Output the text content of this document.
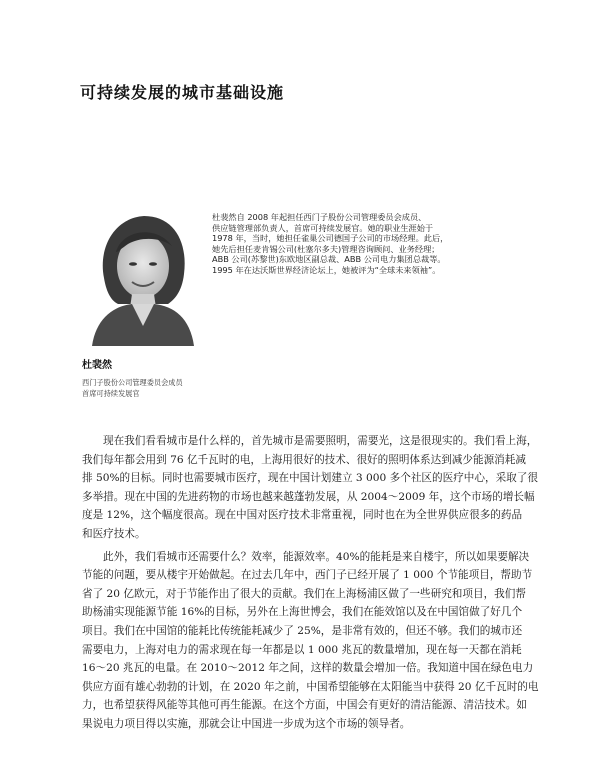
可持续发展的城市基础设施
杜裴然自 2008 年起担任西门子股份公司管理委员会成员、
供应链管理部负责人，首席可持续发展官。她的职业生涯始于
1978 年，当时，她担任雀巢公司德国子公司的市场经理。此后，
她先后担任麦肯锡公司(杜塞尔多夫)管理咨询顾问、业务经理；
ABB 公司(苏黎世)东欧地区副总裁、ABB 公司电力集团总裁等。
1995 年在达沃斯世界经济论坛上，她被评为“全球未来领袖”。
杜裴然
西门子股份公司管理委员会成员
首席可持续发展官
现在我们看看城市是什么样的，首先城市是需要照明，需要光，这是很现实的。我们看上海，
我们每年都会用到 76 亿千瓦时的电，上海用很好的技术、很好的照明体系达到减少能源消耗减
排 50%的目标。同时也需要城市医疗，现在中国计划建立 3 000 多个社区的医疗中心，采取了很
多举措。现在中国的先进药物的市场也越来越蓬勃发展，从 2004～2009 年，这个市场的增长幅
度是 12%，这个幅度很高。现在中国对医疗技术非常重视，同时也在为全世界供应很多的药品
和医疗技术。
此外，我们看城市还需要什么？效率，能源效率。40%的能耗是来自楼宇，所以如果要解决
节能的问题，要从楼宇开始做起。在过去几年中，西门子已经开展了 1 000 个节能项目，帮助节
省了 20 亿欧元，对于节能作出了很大的贡献。我们在上海杨浦区做了一些研究和项目，我们帮
助杨浦实现能源节能 16%的目标，另外在上海世博会，我们在能效馆以及在中国馆做了好几个
项目。我们在中国馆的能耗比传统能耗减少了 25%，是非常有效的，但还不够。我们的城市还
需要电力，上海对电力的需求现在每一年都是以 1 000 兆瓦的数量增加，现在每一天都在消耗
16～20 兆瓦的电量。在 2010～2012 年之间，这样的数量会增加一倍。我知道中国在绿色电力
供应方面有雄心勃勃的计划，在 2020 年之前，中国希望能够在太阳能当中获得 20 亿千瓦时的电
力，也希望获得风能等其他可再生能源。在这个方面，中国会有更好的清洁能源、清洁技术。如
果说电力项目得以实施，那就会让中国进一步成为这个市场的领导者。
